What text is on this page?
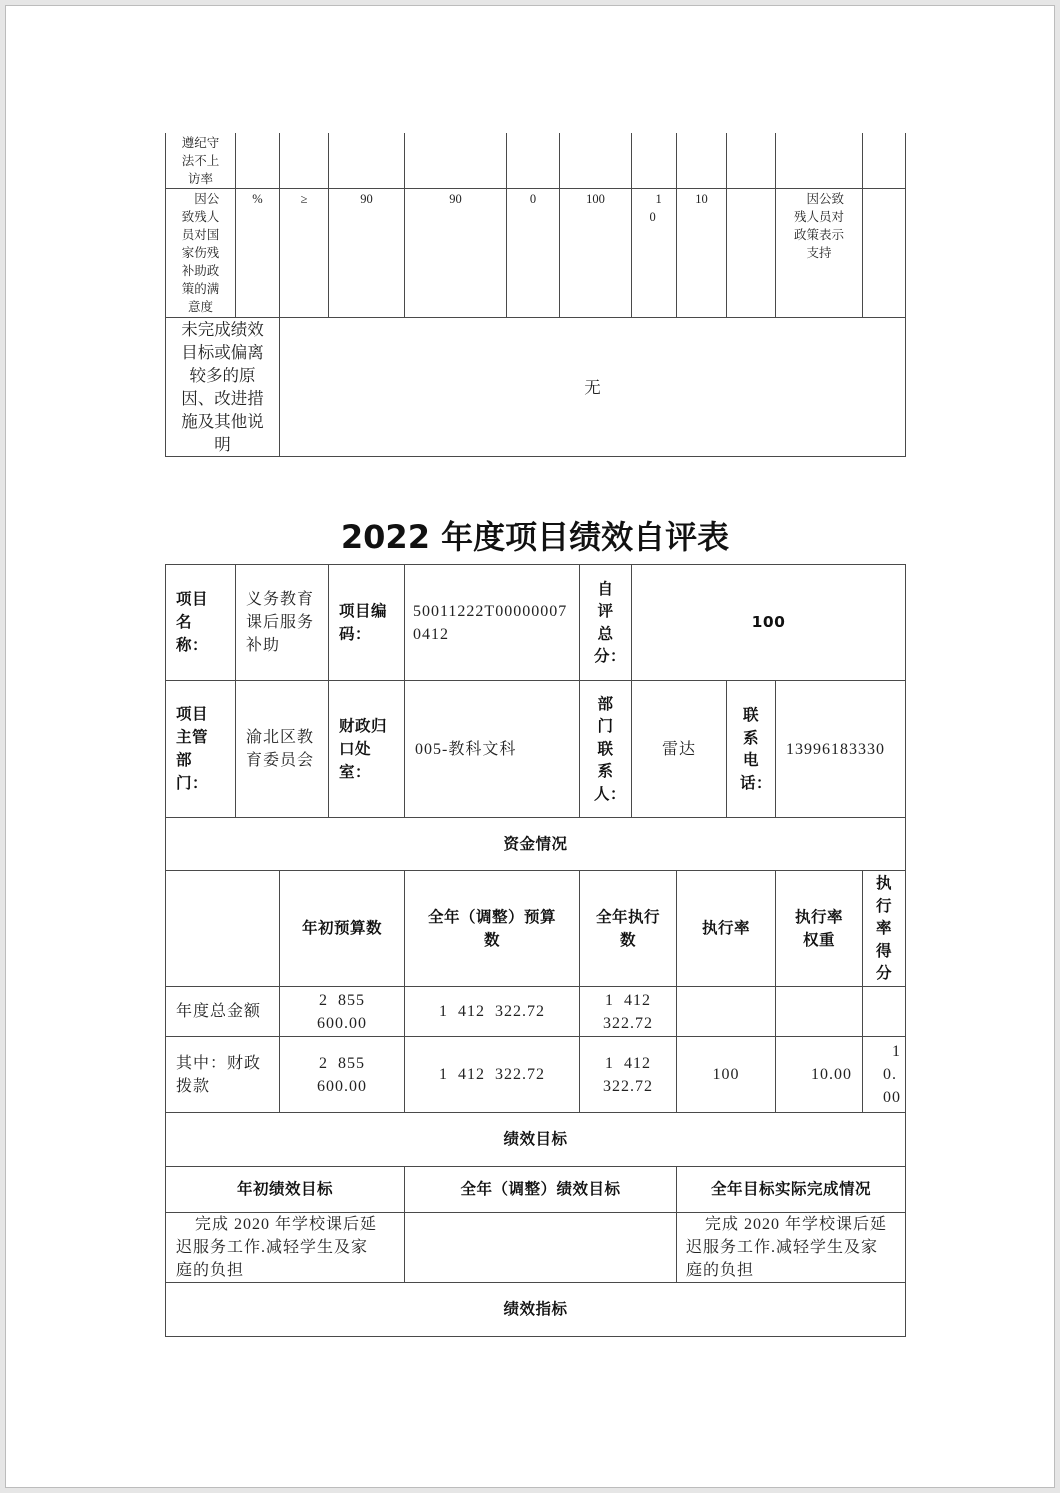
遵纪守法不上访率											
因公致残人员对国家伤残补助政策的满意度	%	≥	90	90	0	100	10	10		因公致残人员对政策表示支持	
未完成绩效目标或偏离较多的原因、改进措施及其他说明		无									
2022 年度项目绩效自评表
项目名称：	义务教育课后服务补助		项目编码：	50011222T000000070412	自评总分：	100				
项目主管部门：	渝北区教育委员会		财政归口处室：	005-教科文科	部门联系人：	雷达		联系电话：	13996183330	
资金情况										
		年初预算数		全年（调整）预算数	全年执行数		执行率		执行率权重	执行率得分
年度总金额		2 855 600.00		1 412 322.72	1 412 322.72					
其中：财政拨款		2 855 600.00		1 412 322.72	1 412 322.72		100		10.00	10.00
绩效目标										
年初绩效目标				全年（调整）绩效目标			全年目标实际完成情况			
完成 2020 年学校课后延迟服务工作.减轻学生及家庭的负担							完成 2020 年学校课后延迟服务工作.减轻学生及家庭的负担			
绩效指标										
